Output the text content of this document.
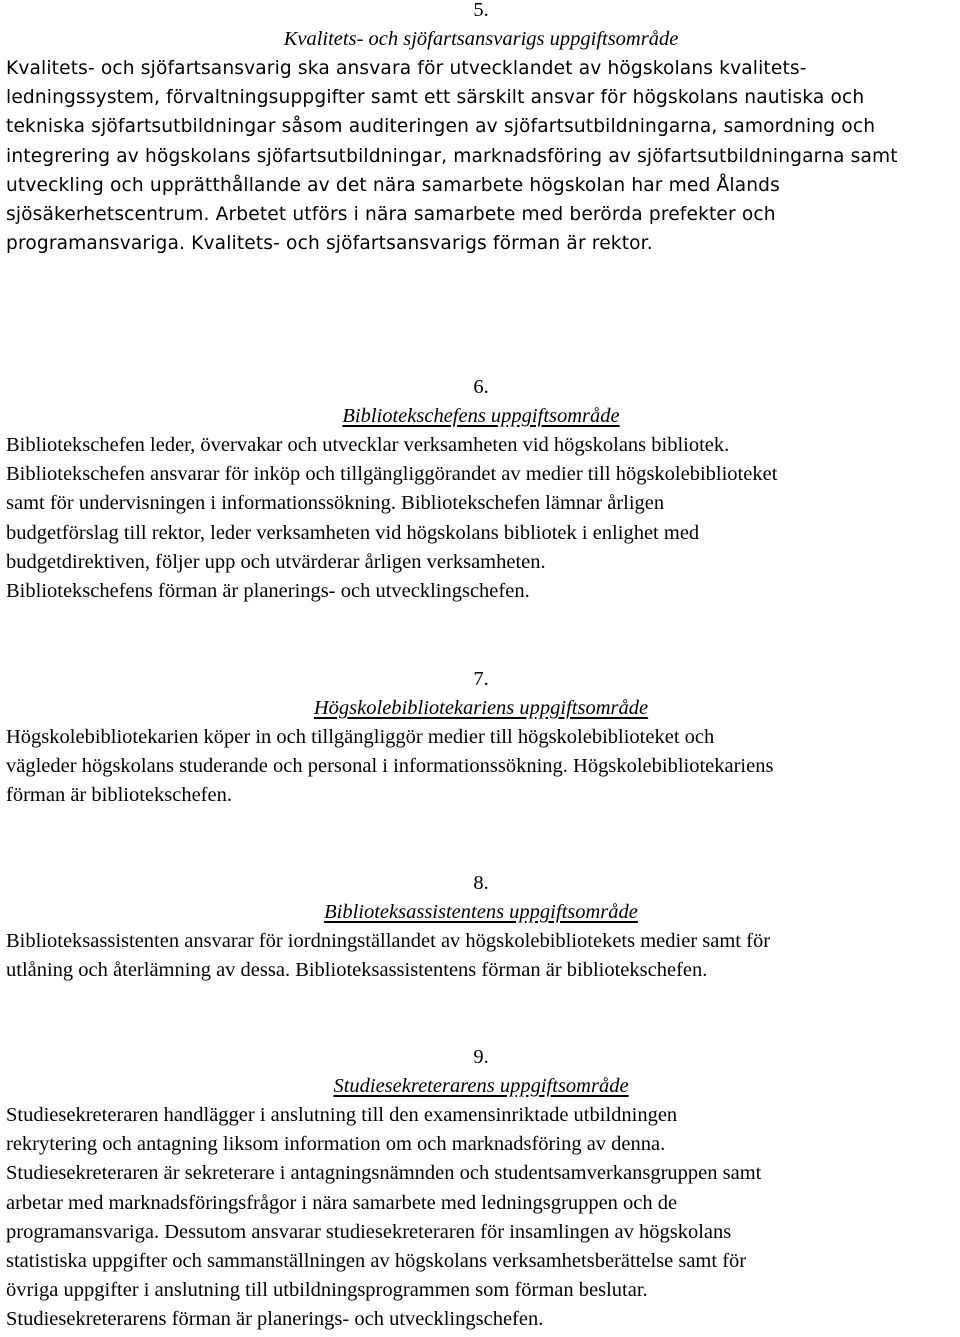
5.
Kvalitets- och sjöfartsansvarigs uppgiftsområde
Kvalitets- och sjöfartsansvarig ska ansvara för utvecklandet av högskolans kvalitets-
ledningssystem, förvaltningsuppgifter samt ett särskilt ansvar för högskolans nautiska och
tekniska sjöfartsutbildningar såsom auditeringen av sjöfartsutbildningarna, samordning och
integrering av högskolans sjöfartsutbildningar, marknadsföring av sjöfartsutbildningarna samt
utveckling och upprätthållande av det nära samarbete högskolan har med Ålands
sjösäkerhetscentrum. Arbetet utförs i nära samarbete med berörda prefekter och
programansvariga. Kvalitets- och sjöfartsansvarigs förman är rektor.
6.
Bibliotekschefens uppgiftsområde
Bibliotekschefen leder, övervakar och utvecklar verksamheten vid högskolans bibliotek.
Bibliotekschefen ansvarar för inköp och tillgängliggörandet av medier till högskolebiblioteket
samt för undervisningen i informationssökning. Bibliotekschefen lämnar årligen
budgetförslag till rektor, leder verksamheten vid högskolans bibliotek i enlighet med
budgetdirektiven, följer upp och utvärderar årligen verksamheten.
Bibliotekschefens förman är planerings- och utvecklingschefen.
7.
Högskolebibliotekariens uppgiftsområde
Högskolebibliotekarien köper in och tillgängliggör medier till högskolebiblioteket och
vägleder högskolans studerande och personal i informationssökning. Högskolebibliotekariens
förman är bibliotekschefen.
8.
Biblioteksassistentens uppgiftsområde
Biblioteksassistenten ansvarar för iordningställandet av högskolebibliotekets medier samt för
utlåning och återlämning av dessa. Biblioteksassistentens förman är bibliotekschefen.
9.
Studiesekreterarens uppgiftsområde
Studiesekreteraren handlägger i anslutning till den examensinriktade utbildningen
rekrytering och antagning liksom information om och marknadsföring av denna.
Studiesekreteraren är sekreterare i antagningsnämnden och studentsamverkansgruppen samt
arbetar med marknadsföringsfrågor i nära samarbete med ledningsgruppen och de
programansvariga. Dessutom ansvarar studiesekreteraren för insamlingen av högskolans
statistiska uppgifter och sammanställningen av högskolans verksamhetsberättelse samt för
övriga uppgifter i anslutning till utbildningsprogrammen som förman beslutar.
Studiesekreterarens förman är planerings- och utvecklingschefen.
